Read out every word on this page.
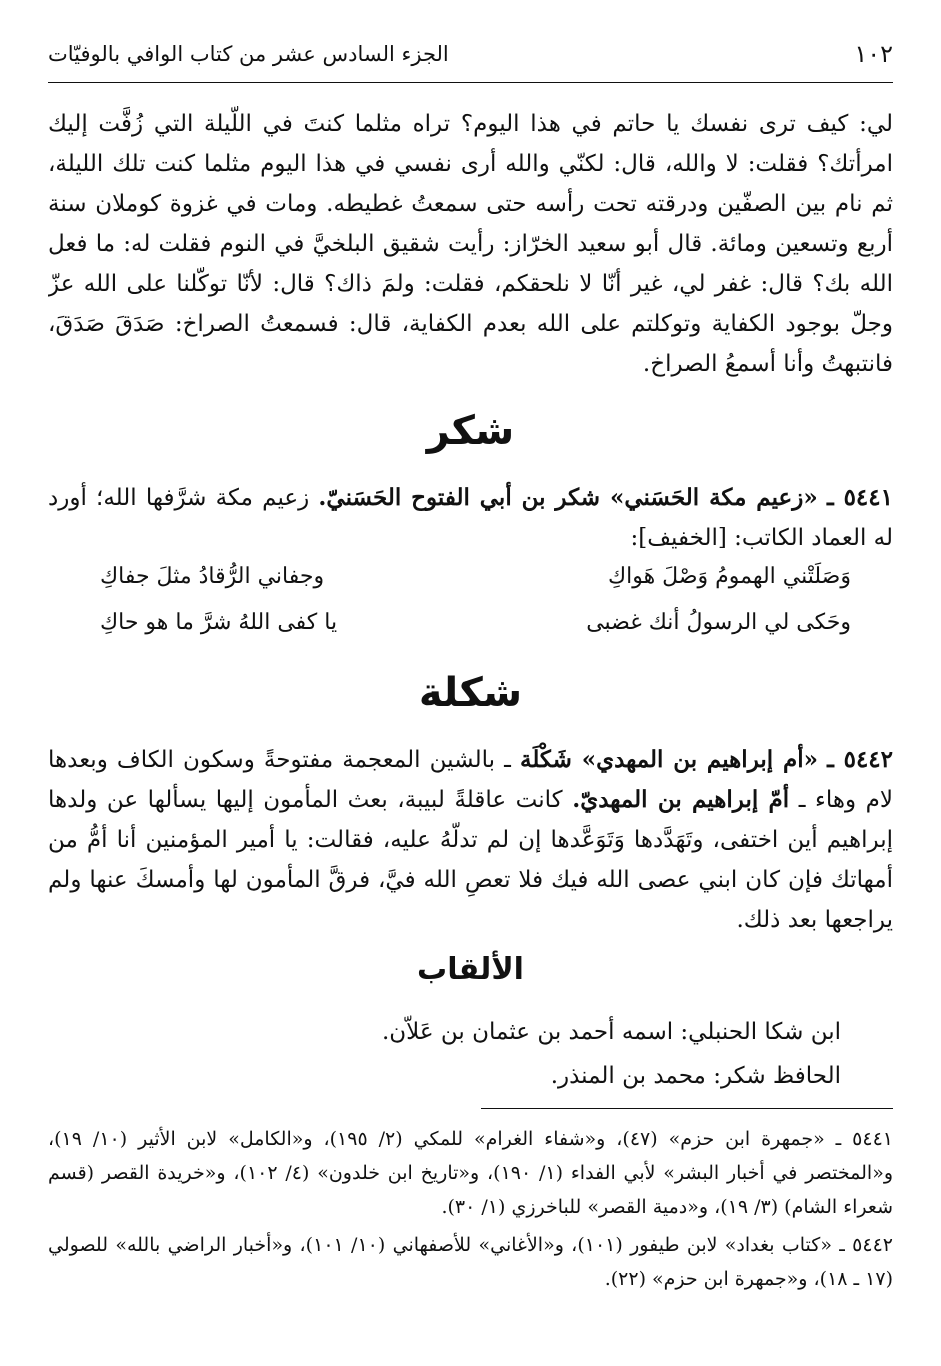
١٠٢
الجزء السادس عشر من كتاب الوافي بالوفيّات
لي: كيف ترى نفسك يا حاتم في هذا اليوم؟ تراه مثلما كنتَ في اللّيلة التي زُفَّت إليك امرأتك؟ فقلت: لا والله، قال: لكنّي والله أرى نفسي في هذا اليوم مثلما كنت تلك الليلة، ثم نام بين الصفّين ودرقته تحت رأسه حتى سمعتُ غطيطه. ومات في غزوة كوملان سنة أربع وتسعين ومائة. قال أبو سعيد الخرّاز: رأيت شقيق البلخيَّ في النوم فقلت له: ما فعل الله بك؟ قال: غفر لي، غير أنّا لا نلحقكم، فقلت: ولمَ ذاك؟ قال: لأنّا توكّلنا على الله عزّ وجلّ بوجود الكفاية وتوكلتم على الله بعدم الكفاية، قال: فسمعتُ الصراخ: صَدَقَ صَدَقَ، فانتبهتُ وأنا أسمعُ الصراخ.
شكر
٥٤٤١ ـ «زعيم مكة الحَسَني» شكر بن أبي الفتوح الحَسَنيّ. زعيم مكة شرَّفها الله؛ أورد له العماد الكاتب: [الخفيف]:
وَصَلَتْني الهمومُ وَصْلَ هَواكِ
وجفاني الرُّقادُ مثلَ جفاكِ
وحَكى لي الرسولُ أنك غضبى
يا كفى اللهُ شرَّ ما هو حاكِ
شكلة
٥٤٤٢ ـ «أم إبراهيم بن المهدي» شَكْلَة ـ بالشين المعجمة مفتوحةً وسكون الكاف وبعدها لام وهاء ـ أمّ إبراهيم بن المهديّ. كانت عاقلةً لبيبة، بعث المأمون إليها يسألها عن ولدها إبراهيم أين اختفى، وتَهَدَّدها وَتَوَعَّدها إن لم تدلّهُ عليه، فقالت: يا أمير المؤمنين أنا أمُّ من أمهاتك فإن كان ابني عصى الله فيك فلا تعصِ الله فيَّ، فرقَّ المأمون لها وأمسكَ عنها ولم يراجعها بعد ذلك.
الألقاب
ابن شكا الحنبلي: اسمه أحمد بن عثمان بن عَلاّن.
الحافظ شكر: محمد بن المنذر.
٥٤٤١ ـ «جمهرة ابن حزم» (٤٧)، و«شفاء الغرام» للمكي (٢/ ١٩٥)، و«الكامل» لابن الأثير (١٠/ ١٩)، و«المختصر في أخبار البشر» لأبي الفداء (١/ ١٩٠)، و«تاريخ ابن خلدون» (٤/ ١٠٢)، و«خريدة القصر (قسم شعراء الشام) (٣/ ١٩)، و«دمية القصر» للباخرزي (١/ ٣٠).
٥٤٤٢ ـ «كتاب بغداد» لابن طيفور (١٠١)، و«الأغاني» للأصفهاني (١٠/ ١٠١)، و«أخبار الراضي بالله» للصولي (١٧ ـ ١٨)، و«جمهرة ابن حزم» (٢٢).
